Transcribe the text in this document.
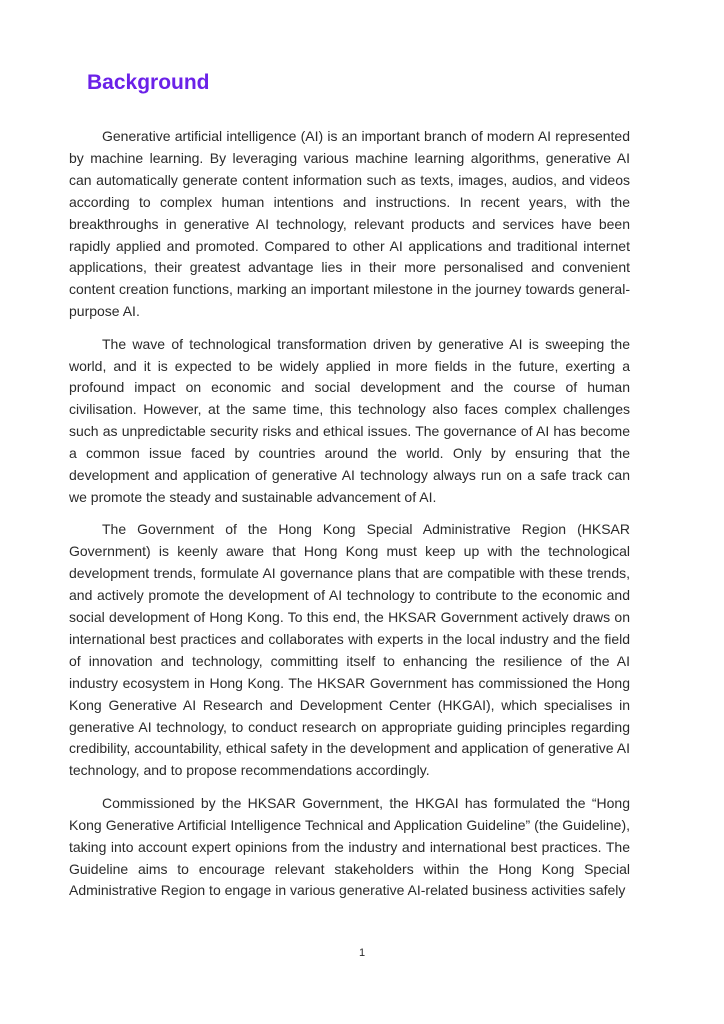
Background

Generative artificial intelligence (AI) is an important branch of modern AI represented by machine learning. By leveraging various machine learning algorithms, generative AI can automatically generate content information such as texts, images, audios, and videos according to complex human intentions and instructions. In recent years, with the breakthroughs in generative AI technology, relevant products and services have been rapidly applied and promoted. Compared to other AI applications and traditional internet applications, their greatest advantage lies in their more personalised and convenient content creation functions, marking an important milestone in the journey towards general-purpose AI.

The wave of technological transformation driven by generative AI is sweeping the world, and it is expected to be widely applied in more fields in the future, exerting a profound impact on economic and social development and the course of human civilisation. However, at the same time, this technology also faces complex challenges such as unpredictable security risks and ethical issues. The governance of AI has become a common issue faced by countries around the world. Only by ensuring that the development and application of generative AI technology always run on a safe track can we promote the steady and sustainable advancement of AI.

The Government of the Hong Kong Special Administrative Region (HKSAR Government) is keenly aware that Hong Kong must keep up with the technological development trends, formulate AI governance plans that are compatible with these trends, and actively promote the development of AI technology to contribute to the economic and social development of Hong Kong. To this end, the HKSAR Government actively draws on international best practices and collaborates with experts in the local industry and the field of innovation and technology, committing itself to enhancing the resilience of the AI industry ecosystem in Hong Kong. The HKSAR Government has commissioned the Hong Kong Generative AI Research and Development Center (HKGAI), which specialises in generative AI technology, to conduct research on appropriate guiding principles regarding credibility, accountability, ethical safety in the development and application of generative AI technology, and to propose recommendations accordingly.

Commissioned by the HKSAR Government, the HKGAI has formulated the “Hong Kong Generative Artificial Intelligence Technical and Application Guideline” (the Guideline), taking into account expert opinions from the industry and international best practices. The Guideline aims to encourage relevant stakeholders within the Hong Kong Special Administrative Region to engage in various generative AI-related business activities safely

1
